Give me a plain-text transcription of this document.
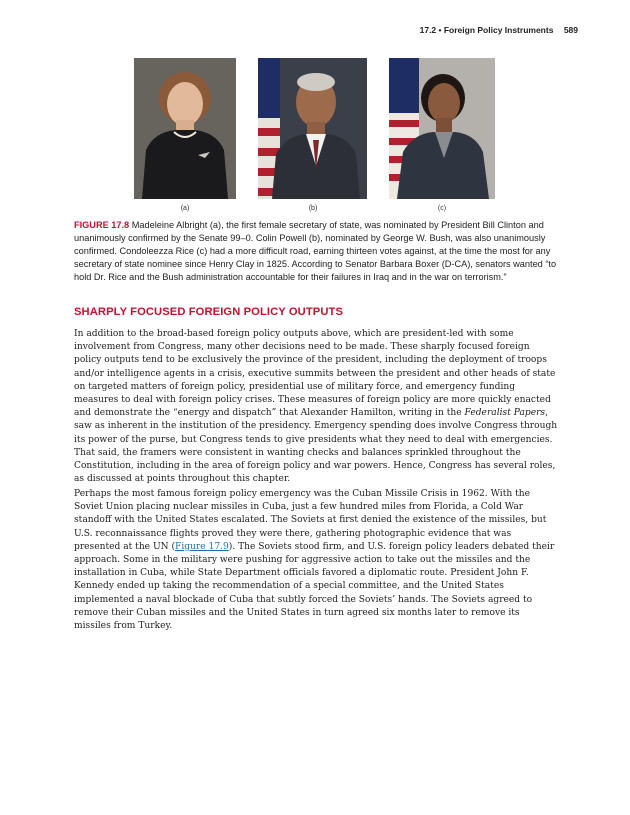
17.2 • Foreign Policy Instruments 589
(a)	(b)	(c)
FIGURE 17.8 Madeleine Albright (a), the first female secretary of state, was nominated by President Bill Clinton and unanimously confirmed by the Senate 99–0. Colin Powell (b), nominated by George W. Bush, was also unanimously confirmed. Condoleezza Rice (c) had a more difficult road, earning thirteen votes against, at the time the most for any secretary of state nominee since Henry Clay in 1825. According to Senator Barbara Boxer (D-CA), senators wanted “to hold Dr. Rice and the Bush administration accountable for their failures in Iraq and in the war on terrorism.”
SHARPLY FOCUSED FOREIGN POLICY OUTPUTS

In addition to the broad-based foreign policy outputs above, which are president-led with some involvement from Congress, many other decisions need to be made. These sharply focused foreign policy outputs tend to be exclusively the province of the president, including the deployment of troops and/or intelligence agents in a crisis, executive summits between the president and other heads of state on targeted matters of foreign policy, presidential use of military force, and emergency funding measures to deal with foreign policy crises. These measures of foreign policy are more quickly enacted and demonstrate the “energy and dispatch” that Alexander Hamilton, writing in the Federalist Papers, saw as inherent in the institution of the presidency. Emergency spending does involve Congress through its power of the purse, but Congress tends to give presidents what they need to deal with emergencies. That said, the framers were consistent in wanting checks and balances sprinkled throughout the Constitution, including in the area of foreign policy and war powers. Hence, Congress has several roles, as discussed at points throughout this chapter.

Perhaps the most famous foreign policy emergency was the Cuban Missile Crisis in 1962. With the Soviet Union placing nuclear missiles in Cuba, just a few hundred miles from Florida, a Cold War standoff with the United States escalated. The Soviets at first denied the existence of the missiles, but U.S. reconnaissance flights proved they were there, gathering photographic evidence that was presented at the UN (Figure 17.9). The Soviets stood firm, and U.S. foreign policy leaders debated their approach. Some in the military were pushing for aggressive action to take out the missiles and the installation in Cuba, while State Department officials favored a diplomatic route. President John F. Kennedy ended up taking the recommendation of a special committee, and the United States implemented a naval blockade of Cuba that subtly forced the Soviets’ hands. The Soviets agreed to remove their Cuban missiles and the United States in turn agreed six months later to remove its missiles from Turkey.
